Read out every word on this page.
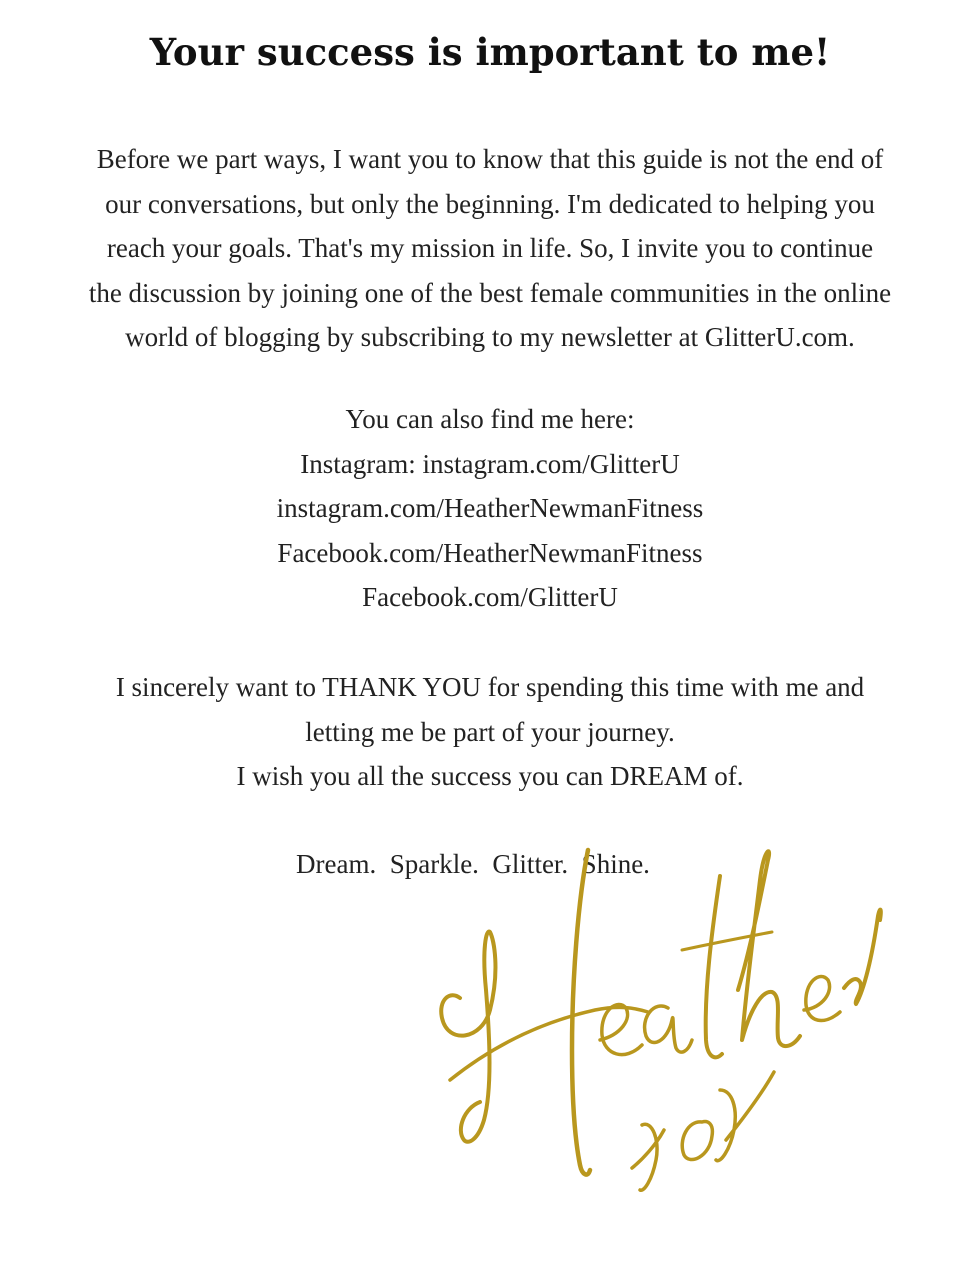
Your success is important to me!

Before we part ways, I want you to know that this guide is not the end of
our conversations, but only the beginning. I'm dedicated to helping you
reach your goals. That's my mission in life. So, I invite you to continue
the discussion by joining one of the best female communities in the online
world of blogging by subscribing to my newsletter at GlitterU.com.

You can also find me here:
Instagram: instagram.com/GlitterU
instagram.com/HeatherNewmanFitness
Facebook.com/HeatherNewmanFitness
Facebook.com/GlitterU

I sincerely want to THANK YOU for spending this time with me and
letting me be part of your journey.
I wish you all the success you can DREAM of.

Dream.  Sparkle.  Glitter.  Shine.
